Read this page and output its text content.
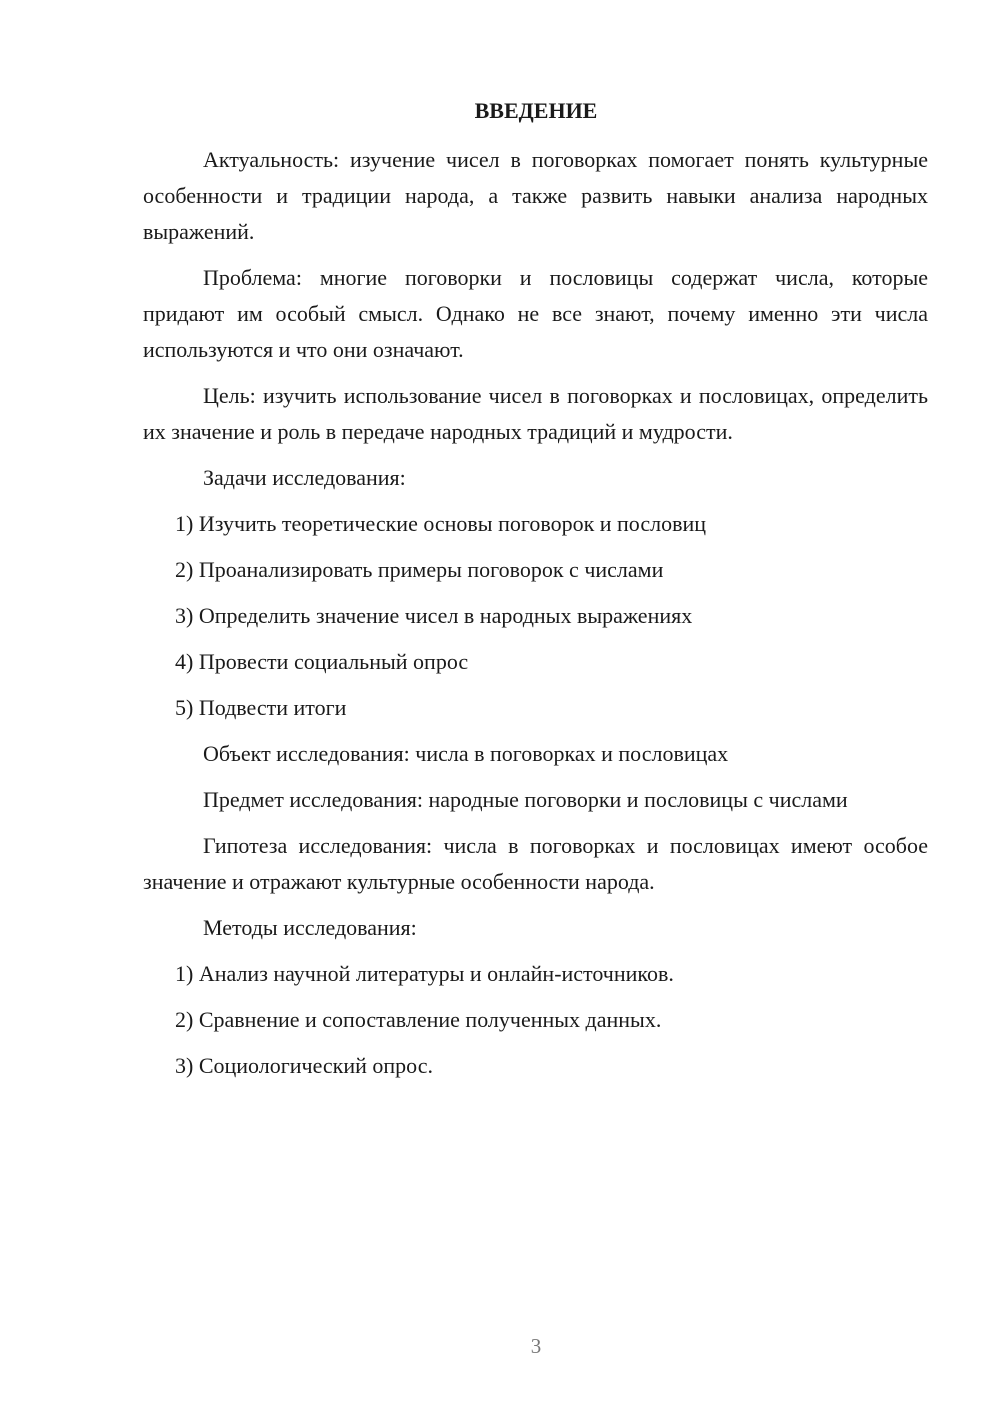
ВВЕДЕНИЕ

Актуальность: изучение чисел в поговорках помогает понять культурные особенности и традиции народа, а также развить навыки анализа народных выражений.

Проблема: многие поговорки и пословицы содержат числа, которые придают им особый смысл. Однако не все знают, почему именно эти числа используются и что они означают.

Цель: изучить использование чисел в поговорках и пословицах, определить их значение и роль в передаче народных традиций и мудрости.

Задачи исследования:

1) Изучить теоретические основы поговорок и пословиц

2) Проанализировать примеры поговорок с числами

3) Определить значение чисел в народных выражениях

4) Провести социальный опрос

5) Подвести итоги

Объект исследования: числа в поговорках и пословицах

Предмет исследования: народные поговорки и пословицы с числами

Гипотеза исследования: числа в поговорках и пословицах имеют особое значение и отражают культурные особенности народа.

Методы исследования:

1) Анализ научной литературы и онлайн-источников.

2) Сравнение и сопоставление полученных данных.

3) Социологический опрос.

3
